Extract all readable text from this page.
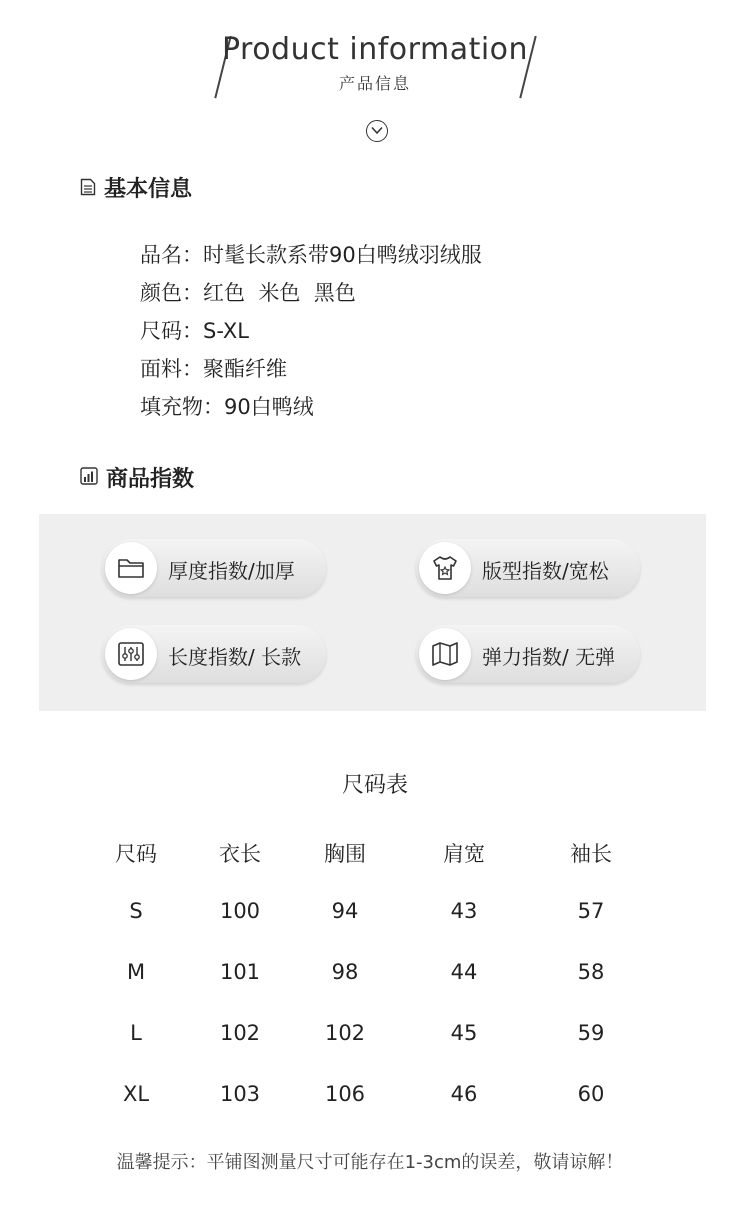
Product information
产品信息
基本信息
品名：时髦长款系带90白鸭绒羽绒服
颜色：红色  米色  黑色
尺码：S-XL
面料：聚酯纤维
填充物：90白鸭绒
商品指数
厚度指数/加厚	版型指数/宽松
长度指数/ 长款	弹力指数/ 无弹
尺码表
尺码	衣长	胸围	肩宽	袖长
S	100	94	43	57
M	101	98	44	58
L	102	102	45	59
XL	103	106	46	60
温馨提示：平铺图测量尺寸可能存在1-3cm的误差，敬请谅解！
